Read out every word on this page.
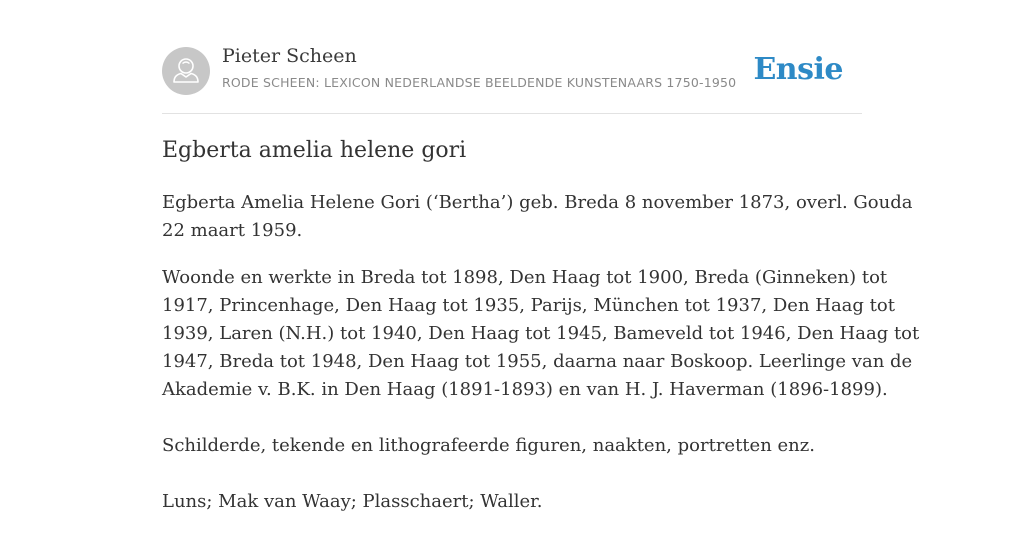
Pieter Scheen
RODE SCHEEN: LEXICON NEDERLANDSE BEELDENDE KUNSTENAARS 1750-1950 Ensie
Egberta amelia helene gori

Egberta Amelia Helene Gori (‘Bertha’) geb. Breda 8 november 1873, overl. Gouda
22 maart 1959.

Woonde en werkte in Breda tot 1898, Den Haag tot 1900, Breda (Ginneken) tot
1917, Princenhage, Den Haag tot 1935, Parijs, München tot 1937, Den Haag tot
1939, Laren (N.H.) tot 1940, Den Haag tot 1945, Bameveld tot 1946, Den Haag tot
1947, Breda tot 1948, Den Haag tot 1955, daarna naar Boskoop. Leerlinge van de
Akademie v. B.K. in Den Haag (1891-1893) en van H. J. Haverman (1896-1899).

Schilderde, tekende en lithografeerde figuren, naakten, portretten enz.

Luns; Mak van Waay; Plasschaert; Waller.
